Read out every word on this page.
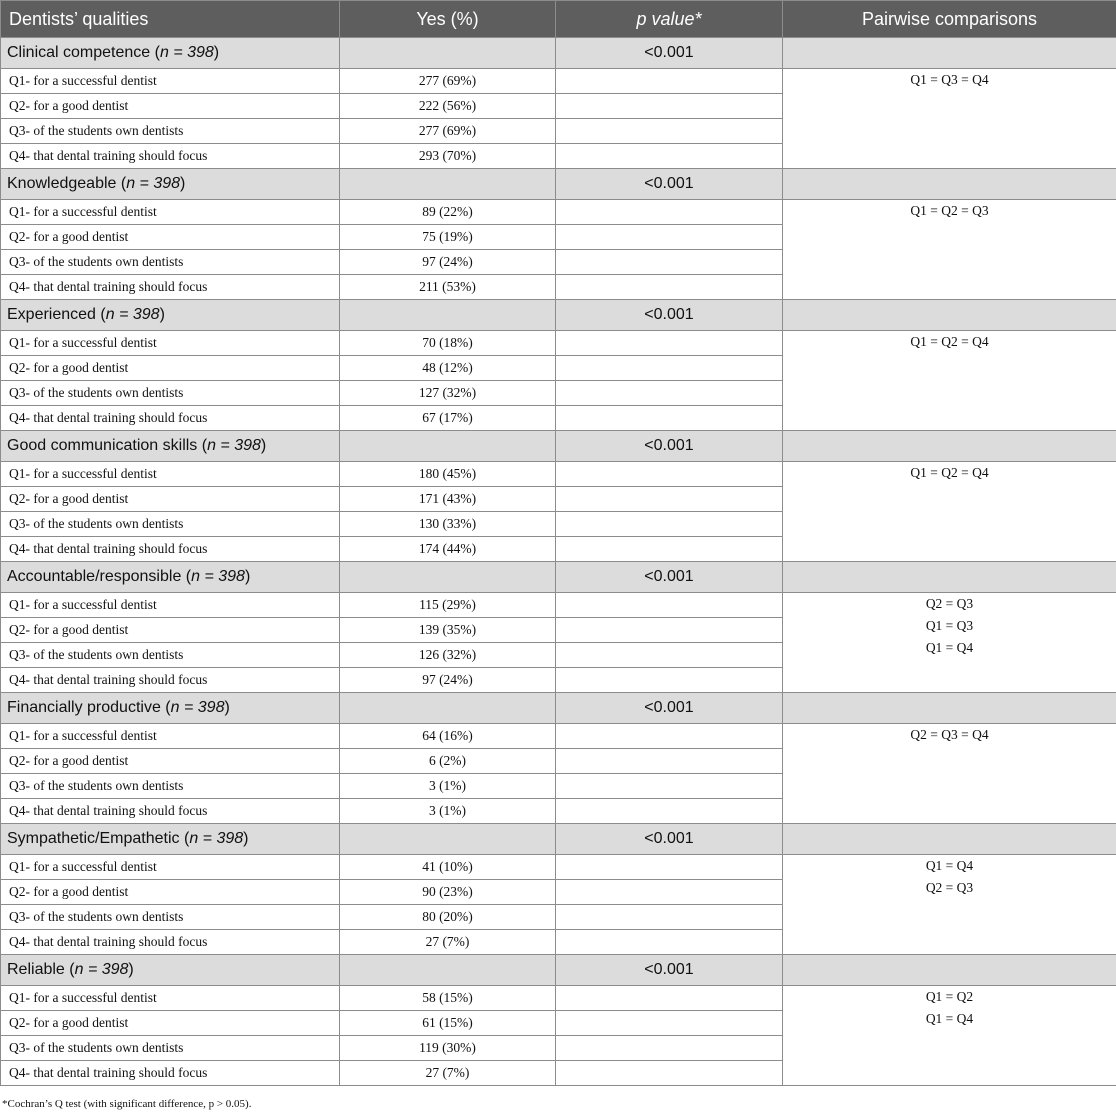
Dentists’ qualities	Yes (%)	p value*	Pairwise comparisons
Clinical competence (n = 398)		<0.001	
Q1- for a successful dentist	277 (69%)		Q1 = Q3 = Q4

Q2- for a good dentist	222 (56%)		
Q3- of the students own dentists	277 (69%)		
Q4- that dental training should focus	293 (70%)		
Knowledgeable (n = 398)		<0.001	
Q1- for a successful dentist	89 (22%)		Q1 = Q2 = Q3

Q2- for a good dentist	75 (19%)		
Q3- of the students own dentists	97 (24%)		
Q4- that dental training should focus	211 (53%)		
Experienced (n = 398)		<0.001	
Q1- for a successful dentist	70 (18%)		Q1 = Q2 = Q4

Q2- for a good dentist	48 (12%)		
Q3- of the students own dentists	127 (32%)		
Q4- that dental training should focus	67 (17%)		
Good communication skills (n = 398)		<0.001	
Q1- for a successful dentist	180 (45%)		Q1 = Q2 = Q4

Q2- for a good dentist	171 (43%)		
Q3- of the students own dentists	130 (33%)		
Q4- that dental training should focus	174 (44%)		
Accountable/responsible (n = 398)		<0.001	
Q1- for a successful dentist	115 (29%)		Q2 = Q3
Q1 = Q3
Q1 = Q4

Q2- for a good dentist	139 (35%)		
Q3- of the students own dentists	126 (32%)		
Q4- that dental training should focus	97 (24%)		
Financially productive (n = 398)		<0.001	
Q1- for a successful dentist	64 (16%)		Q2 = Q3 = Q4

Q2- for a good dentist	6 (2%)		
Q3- of the students own dentists	3 (1%)		
Q4- that dental training should focus	3 (1%)		
Sympathetic/Empathetic (n = 398)		<0.001	
Q1- for a successful dentist	41 (10%)		Q1 = Q4
Q2 = Q3

Q2- for a good dentist	90 (23%)		
Q3- of the students own dentists	80 (20%)		
Q4- that dental training should focus	27 (7%)		
Reliable (n = 398)		<0.001	
Q1- for a successful dentist	58 (15%)		Q1 = Q2
Q1 = Q4

Q2- for a good dentist	61 (15%)		
Q3- of the students own dentists	119 (30%)		
Q4- that dental training should focus	27 (7%)		
*Cochran’s Q test (with significant difference, p > 0.05).
